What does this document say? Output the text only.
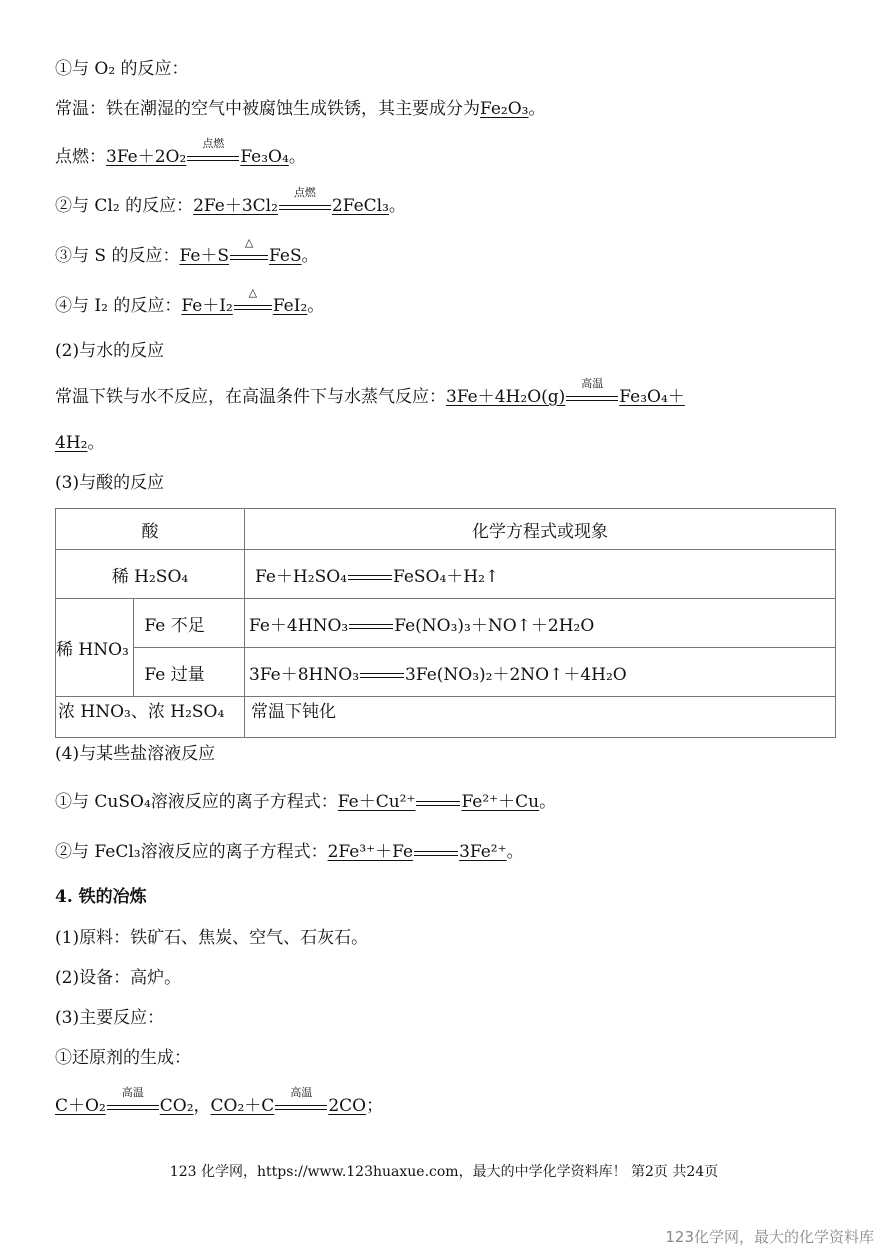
①与 O₂ 的反应：
常温：铁在潮湿的空气中被腐蚀生成铁锈，其主要成分为Fe₂O₃。
点燃：3Fe＋2O₂
点燃
Fe₃O₄。
②与 Cl₂ 的反应：2Fe＋3Cl₂
点燃
2FeCl₃。
③与 S 的反应：Fe＋S
△
FeS。
④与 I₂ 的反应：Fe＋I₂
△
FeI₂。
(2)与水的反应
常温下铁与水不反应，在高温条件下与水蒸气反应：3Fe＋4H₂O(g)
高温
Fe₃O₄＋
4H₂。
(3)与酸的反应
酸		化学方程式或现象
稀 H₂SO₄		Fe＋H₂SO₄ FeSO₄＋H₂↑
稀 HNO₃	Fe 不足	Fe＋4HNO₃ Fe(NO₃)₃＋NO↑＋2H₂O
	Fe 过量	3Fe＋8HNO₃ 3Fe(NO₃)₂＋2NO↑＋4H₂O
浓 HNO₃、浓 H₂SO₄		常温下钝化
(4)与某些盐溶液反应
①与 CuSO₄溶液反应的离子方程式：Fe＋Cu²⁺	Fe²⁺＋Cu。
②与 FeCl₃溶液反应的离子方程式：2Fe³⁺＋Fe	3Fe²⁺。
4. 铁的冶炼
(1)原料：铁矿石、焦炭、空气、石灰石。
(2)设备：高炉。
(3)主要反应：
①还原剂的生成：
C＋O₂
高温
CO₂，CO₂＋C
高温
2CO；
123 化学网，https://www.123huaxue.com，最大的中学化学资料库！ 第2页 共24页
123化学网，最大的化学资料库
